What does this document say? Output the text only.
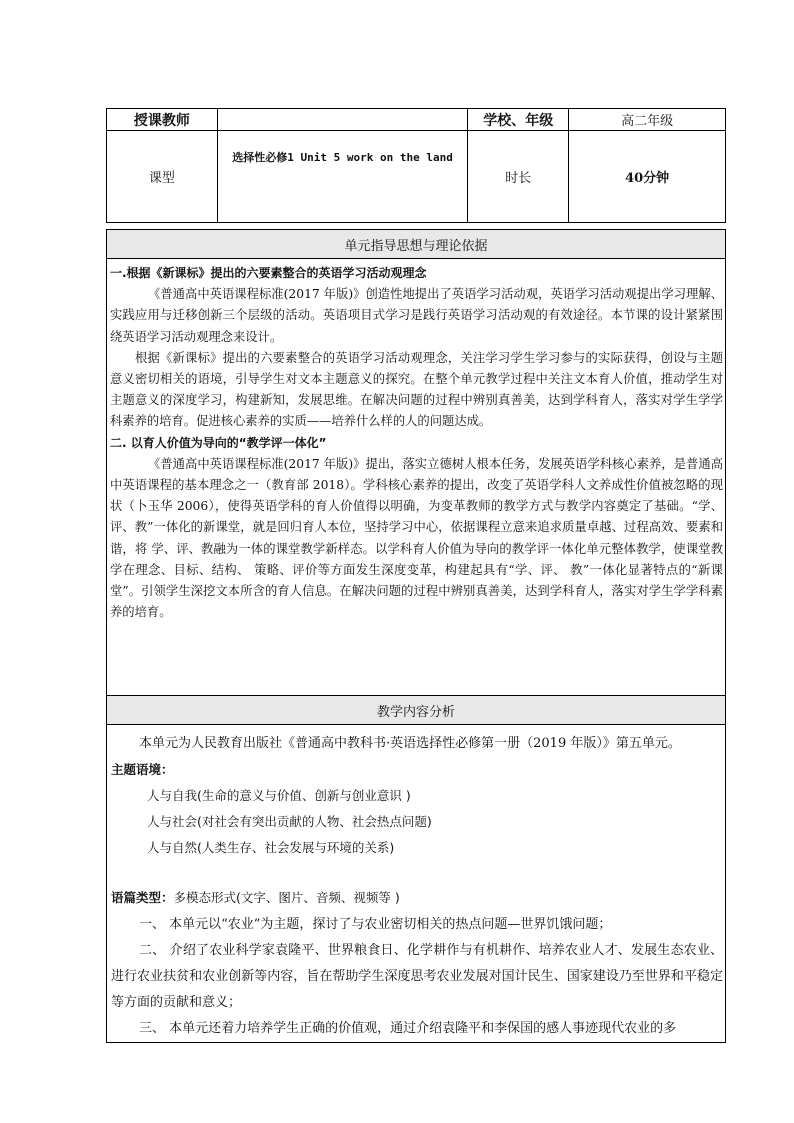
授课教师		学校、年级	高二年级
课型	选择性必修1 Unit 5 work on the land	时长	40分钟
单元指导思想与理论依据

一.根据《新课标》提出的六要素整合的英语学习活动观理念

《普通高中英语课程标准(2017 年版)》创造性地提出了英语学习活动观，英语学习活动观提出学习理解、实践应用与迁移创新三个层级的活动。英语项目式学习是践行英语学习活动观的有效途径。本节课的设计紧紧围绕英语学习活动观理念来设计。

根据《新课标》提出的六要素整合的英语学习活动观理念，关注学习学生学习参与的实际获得，创设与主题意义密切相关的语境，引导学生对文本主题意义的探究。在整个单元教学过程中关注文本育人价值，推动学生对主题意义的深度学习，构建新知，发展思维。在解决问题的过程中辨别真善美，达到学科育人，落实对学生学学科素养的培育。促进核心素养的实质——培养什么样的人的问题达成。

二. 以育人价值为导向的“教学评一体化”

《普通高中英语课程标准(2017 年版)》提出，落实立德树人根本任务，发展英语学科核心素养，是普通高中英语课程的基本理念之一（教育部 2018）。学科核心素养的提出，改变了英语学科人文养成性价值被忽略的现状（卜玉华 2006），使得英语学科的育人价值得以明确，为变革教师的教学方式与教学内容奠定了基础。“学、评、教”一体化的新课堂，就是回归育人本位，坚持学习中心，依据课程立意来追求质量卓越、过程高效、要素和谐，将 学、评、教融为一体的课堂教学新样态。以学科育人价值为导向的教学评一体化单元整体教学，使课堂教学在理念、目标、结构、 策略、评价等方面发生深度变革，构建起具有“学、评、 教”一体化显著特点的“新课堂”。引领学生深挖文本所含的育人信息。在解决问题的过程中辨别真善美，达到学科育人，落实对学生学学科素养的培育。

教学内容分析

本单元为人民教育出版社《普通高中教科书·英语选择性必修第一册（2019 年版）》第五单元。

主题语境：

人与自我(生命的意义与价值、创新与创业意识 )

人与社会(对社会有突出贡献的人物、社会热点问题)

人与自然(人类生存、社会发展与环境的关系)

语篇类型：多模态形式(文字、图片、音频、视频等 )

一、 本单元以“农业”为主题，探讨了与农业密切相关的热点问题—世界饥饿问题；

二、 介绍了农业科学家袁隆平、世界粮食日、化学耕作与有机耕作、培养农业人才、发展生态农业、进行农业扶贫和农业创新等内容，旨在帮助学生深度思考农业发展对国计民生、国家建设乃至世界和平稳定等方面的贡献和意义；

三、 本单元还着力培养学生正确的价值观，通过介绍袁隆平和李保国的感人事迹现代农业的多
